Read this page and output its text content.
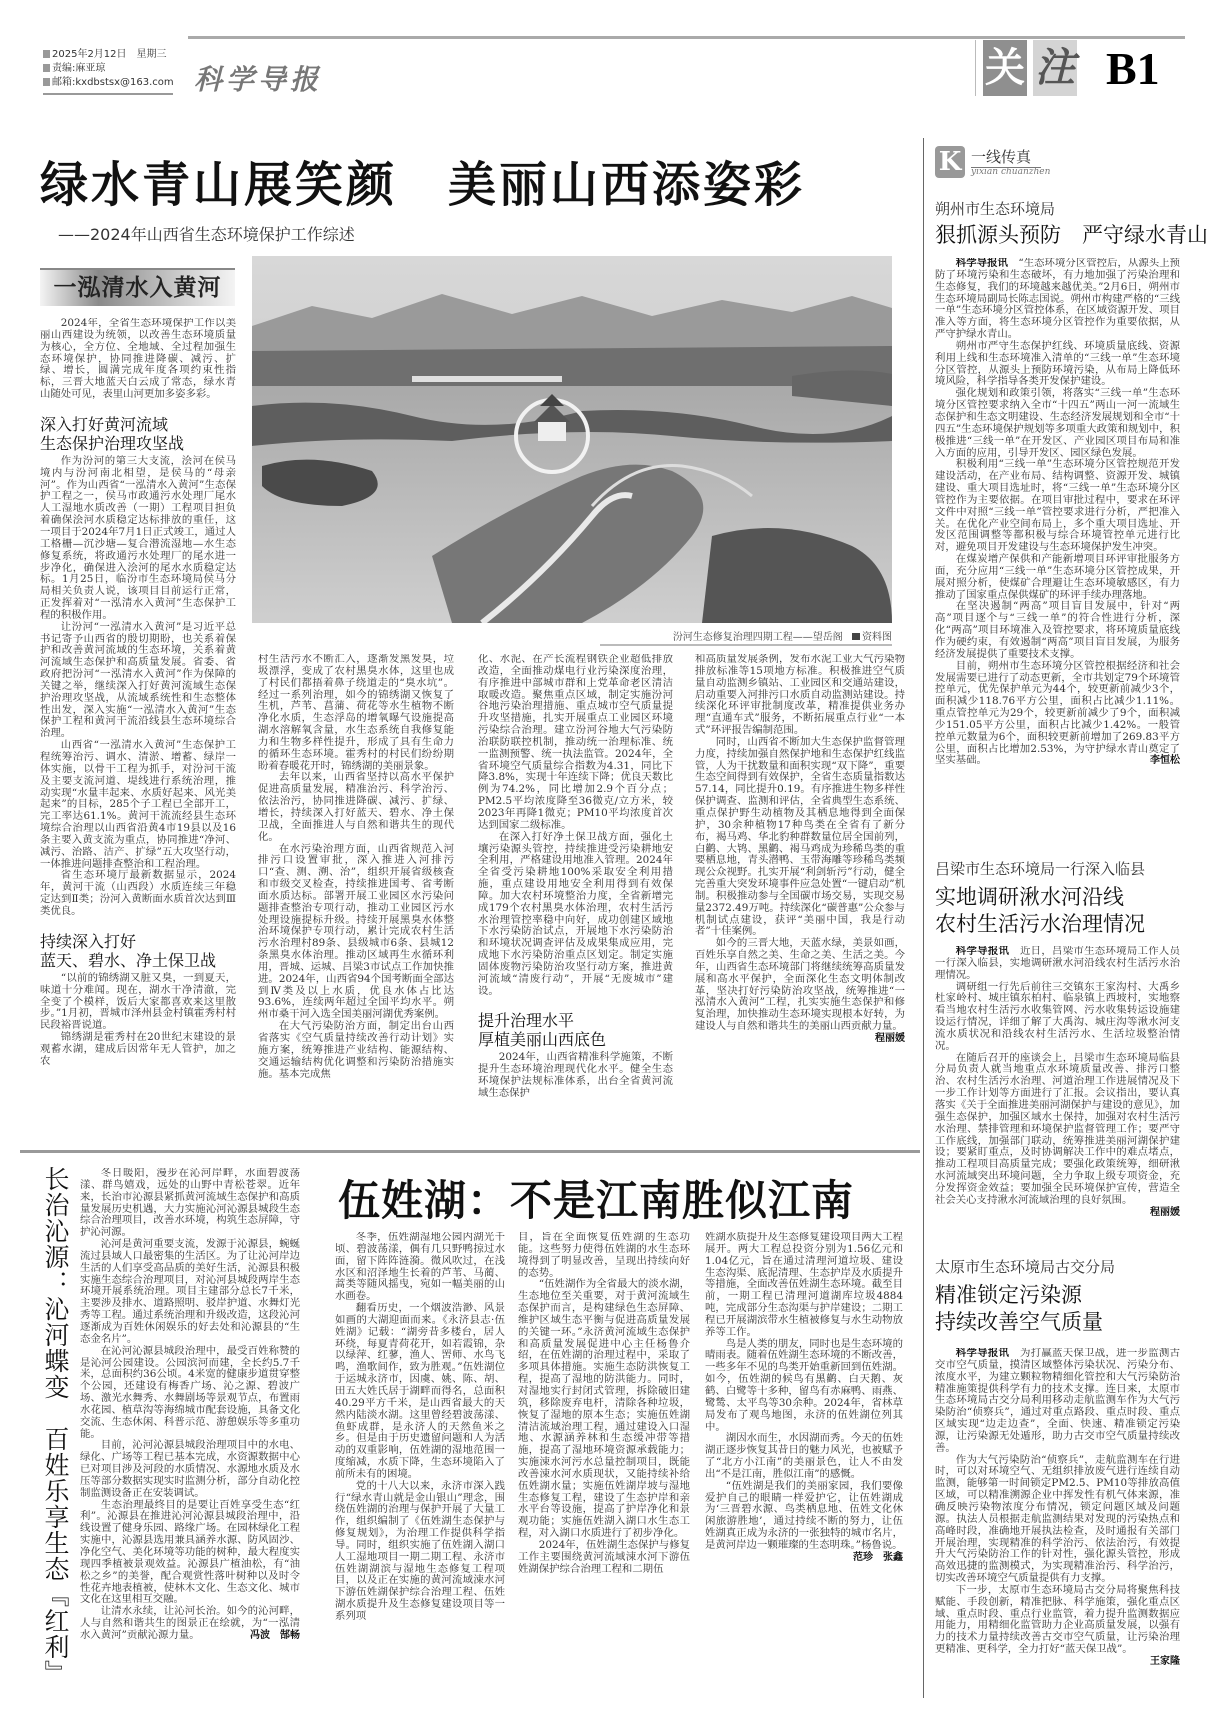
2025年2月12日　星期三
责编:麻亚琼
邮箱:kxdbstsx@163.com 科学导报	关 注 B1
绿水青山展笑颜　美丽山西添姿彩
——2024年山西省生态环境保护工作综述
一泓清水入黄河

2024年，全省生态环境保护工作以美丽山西建设为统领，以改善生态环境质量为核心，全方位、全地域、全过程加强生态环境保护，协同推进降碳、减污、扩绿、增长，圆满完成年度各项约束性指标，三晋大地蓝天白云成了常态，绿水青山随处可见，表里山河更加多姿多彩。

深入打好黄河流域
生态保护治理攻坚战

作为汾河的第三大支流，浍河在侯马境内与汾河南北相望，是侯马的“母亲河”。作为山西省“一泓清水入黄河”生态保护工程之一，侯马市政通污水处理厂尾水人工湿地水质改善（一期）工程项目担负着确保浍河水质稳定达标排放的重任，这一项目于2024年7月1日正式竣工，通过人工格栅—沉沙塘—复合潜流湿地—水生态修复系统，将政通污水处理厂的尾水进一步净化，确保进入浍河的尾水水质稳定达标。1月25日，临汾市生态环境局侯马分局相关负责人说，该项目目前运行正常，正发挥着对“一泓清水入黄河”生态保护工程的积极作用。

让汾河“一泓清水入黄河”是习近平总书记寄予山西省的殷切期盼，也关系着保护和改善黄河流域的生态环境，关系着黄河流域生态保护和高质量发展。省委、省政府把汾河“一泓清水入黄河”作为保障的关键之举，继续深入打好黄河流域生态保护治理攻坚战，从流域系统性和生态整体性出发，深入实施“一泓清水入黄河”生态保护工程和黄河干流沿线县生态环境综合治理。

山西省“一泓清水入黄河”生态保护工程统筹治污、调水、清淤、增蓄、绿岸一体实施，以骨干工程为抓手，对汾河干流及主要支流河道、堤线进行系统治理，推动实现“水量丰起来、水质好起来、风光美起来”的目标，285个子工程已全部开工，完工率达61.1%。黄河干流流经县生态环境综合治理以山西省沿黄4市19县以及16条主要入黄支流为重点，协同推进“净河、减污、治路、洁产、扩绿”五大攻坚行动，一体推进问题排查整治和工程治理。

省生态环境厅最新数据显示，2024年，黄河干流（山西段）水质连续三年稳定达到Ⅱ类；汾河入黄断面水质首次达到Ⅲ类优良。

持续深入打好
蓝天、碧水、净土保卫战

“以前的锦绣湖又脏又臭，一到夏天，味道十分难闻。现在，湖水干净清澈，完全变了个模样，饭后大家都喜欢来这里散步。”1月初，晋城市泽州县金村镇霍秀村村民段裕晋说道。

锦绣湖是霍秀村在20世纪末建设的景观蓄水湖，建成后因常年无人管护，加之农

汾河生态修复治理四期工程——望岳阁 资料图

村生活污水不断汇入，逐渐发黑发臭，垃圾漂浮，变成了农村黑臭水体，这里也成了村民们都捂着鼻子绕道走的“臭水坑”。经过一系列治理，如今的锦绣湖又恢复了生机，芦苇、菖蒲、荷花等水生植物不断净化水质，生态浮岛的增氧曝气设施提高湖水溶解氧含量，水生态系统自我修复能力和生物多样性提升，形成了具有生命力的循环生态环境。霍秀村的村民们纷纷期盼着春暖花开时，锦绣湖的美丽景象。

去年以来，山西省坚持以高水平保护促进高质量发展，精准治污、科学治污、依法治污，协同推进降碳、减污、扩绿、增长，持续深入打好蓝天、碧水、净土保卫战，全面推进人与自然和谐共生的现代化。

在水污染治理方面，山西省规范入河排污口设置审批，深入推进入河排污口“查、测、溯、治”，组织开展省级核查和市级交叉检查，持续推进国考、省考断面水质达标。部署开展工业园区水污染问题排查整治专项行动，推动工业园区污水处理设施提标升级。持续开展黑臭水体整治环境保护专项行动，累计完成农村生活污水治理村89条、县级城市6条、县城12条黑臭水体治理。推动区域再生水循环利用，晋城、运城、吕梁3市试点工作加快推进。2024年，山西省94个国考断面全部达到Ⅳ类及以上水质，优良水体占比达93.6%，连续两年超过全国平均水平。朔州市桑干河入选全国美丽河湖优秀案例。

在大气污染防治方面，制定出台山西省落实《空气质量持续改善行动计划》实施方案，统筹推进产业结构、能源结构、交通运输结构优化调整和污染防治措施实施。基本完成焦

化、水泥、在产长流程钢铁企业超低排放改造，全面推动煤电行业污染深度治理，有序推进中部城市群和上党革命老区清洁取暖改造。聚焦重点区域，制定实施汾河谷地污染治理措施、重点城市空气质量提升攻坚措施，扎实开展重点工业园区环境污染综合治理。建立汾河谷地大气污染防治联防联控机制，推动统一治理标准、统一监测预警、统一执法监管。2024年，全省环境空气质量综合指数为4.31，同比下降3.8%，实现十年连续下降；优良天数比例为74.2%，同比增加2.9个百分点；PM2.5平均浓度降至36微克/立方米，较2023年再降1微克；PM10平均浓度首次达到国家二级标准。

在深入打好净土保卫战方面，强化土壤污染源头管控，持续推进受污染耕地安全利用，严格建设用地准入管理。2024年全省受污染耕地100%采取安全利用措施，重点建设用地安全利用得到有效保障。加大农村环境整治力度，全省新增完成179个农村黑臭水体治理，农村生活污水治理管控率稳中向好，成功创建区域地下水污染防治试点，开展地下水污染防治和环境状况调查评估及成果集成应用，完成地下水污染防治重点区划定。制定实施固体废物污染防治攻坚行动方案，推进黄河流域“清废行动”，开展“无废城市”建设。

提升治理水平
厚植美丽山西底色

2024年，山西省精准科学施策，不断提升生态环境治理现代化水平。健全生态环境保护法规标准体系，出台全省黄河流域生态保护

和高质量发展条例，发布水泥工业大气污染物排放标准等15项地方标准。积极推进空气质量自动监测乡镇站、工业园区和交通站建设，启动重要入河排污口水质自动监测站建设。持续深化环评审批制度改革，精准提供业务办理“直通车式”服务，不断拓展重点行业“一本式”环评报告编制范围。

同时，山西省不断加大生态保护监督管理力度，持续加强自然保护地和生态保护红线监管，人为干扰数量和面积实现“双下降”，重要生态空间得到有效保护，全省生态质量指数达57.14，同比提升0.19。有序推进生物多样性保护调查、监测和评估，全省典型生态系统、重点保护野生动植物及其栖息地得到全面保护，30余种植物17种鸟类在全省有了新分布，褐马鸡、华北豹种群数量位居全国前列，白鹳、大鸨、黑鹳、褐马鸡成为珍稀鸟类的重要栖息地，青头潜鸭、玉带海雕等珍稀鸟类频现公众视野。扎实开展“利剑斩污”行动，健全完善重大突发环境事件应急处置“一键启动”机制。积极推动参与全国碳市场交易，实现交易量2372.49万吨。持续深化“碳普惠”公众参与机制试点建设，获评“美丽中国，我是行动者”十佳案例。

如今的三晋大地，天蓝水绿，美景如画，百姓乐享自然之美、生命之美、生活之美。今年，山西省生态环境部门将继续统筹高质量发展和高水平保护，全面深化生态文明体制改革，坚决打好污染防治攻坚战，统筹推进“一泓清水入黄河”工程，扎实实施生态保护和修复治理，加快推动生态环境实现根本好转，为建设人与自然和谐共生的美丽山西贡献力量。
程丽媛

K 一线传真
yixian chuanzhen
朔州市生态环境局
狠抓源头预防　严守绿水青山

科学导报讯　 “生态环境分区管控后，从源头上预防了环境污染和生态破坏，有力地加强了污染治理和生态修复，我们的环境越来越优美。”2月6日，朔州市生态环境局副局长陈志国说。朔州市构建严格的“三线一单”生态环境分区管控体系，在区域资源开发、项目准入等方面，将生态环境分区管控作为重要依据，从严守护绿水青山。

朔州市严守生态保护红线、环境质量底线、资源利用上线和生态环境准入清单的“三线一单”生态环境分区管控，从源头上预防环境污染，从布局上降低环境风险，科学指导各类开发保护建设。

强化规划和政策引领，将落实“三线一单”生态环境分区管控要求纳入全市“十四五”两山一河一流域生态保护和生态文明建设、生态经济发展规划和全市“十四五”生态环境保护规划等多项重大政策和规划中，积极推进“三线一单”在开发区、产业园区项目布局和准入方面的应用，引导开发区、园区绿色发展。

积极利用“三线一单”生态环境分区管控规范开发建设活动，在产业布局、结构调整、资源开发、城镇建设、重大项目选址时，将“三线一单”生态环境分区管控作为主要依据。在项目审批过程中，要求在环评文件中对照“三线一单”管控要求进行分析，严把准入关。在优化产业空间布局上，多个重大项目选址、开发区范围调整等都积极与综合环境管控单元进行比对，避免项目开发建设与生态环境保护发生冲突。

在煤炭增产保供和产能新增项目环评审批服务方面，充分应用“三线一单”生态环境分区管控成果，开展对照分析，使煤矿合理避让生态环境敏感区，有力推动了国家重点保供煤矿的环评手续办理落地。

在坚决遏制“两高”项目盲目发展中，针对“两高”项目逐个与“三线一单”的符合性进行分析，深化“两高”项目环境准入及管控要求，将环境质量底线作为硬约束，有效遏制“两高”项目盲目发展，为服务经济发展提供了重要技术支撑。

目前，朔州市生态环境分区管控根据经济和社会发展需要已进行了动态更新，全市共划定79个环境管控单元，优先保护单元为44个，较更新前减少3个，面积减少118.76平方公里，面积占比减少1.11%。重点管控单元为29个，较更新前减少了9个，面积减少151.05平方公里，面积占比减少1.42%。一般管控单元数量为6个，面积较更新前增加了269.83平方公里，面积占比增加2.53%，为守护绿水青山奠定了坚实基础。	李恒松

吕梁市生态环境局一行深入临县
实地调研湫水河沿线
农村生活污水治理情况

科学导报讯　 近日，吕梁市生态环境局工作人员一行深入临县，实地调研湫水河沿线农村生活污水治理情况。

调研组一行先后前往三交镇东王家沟村、大禹乡杜家岭村、城庄镇东柏村、临泉镇上西坡村，实地察看当地农村生活污水收集管网、污水收集转运设施建设运行情况，详细了解了大禹沟、城庄沟等湫水河支流水质状况和沿线农村生活污水、生活垃圾整治情况。

在随后召开的座谈会上，吕梁市生态环境局临县分局负责人就当地重点水环境质量改善、排污口整治、农村生活污水治理、河道治理工作进展情况及下一步工作计划等方面进行了汇报。会议指出，要认真落实《关于全面推进美丽河湖保护与建设的意见》，加强生态保护，加强区域水土保持，加强对农村生活污水治理、禁排管理和环境保护监督管理工作；要严守工作底线，加强部门联动，统筹推进美丽河湖保护建设；要紧盯重点，及时协调解决工作中的难点堵点，推动工程项目高质量完成；要强化政策统筹，细研湫水河流域突出环境问题，全力争取上级专项资金，充分发挥资金效益；要加强全民环境保护宣传，营造全社会关心支持湫水河流域治理的良好氛围。
程丽媛

太原市生态环境局古交分局
精准锁定污染源
持续改善空气质量

科学导报讯　 为打赢蓝天保卫战，进一步监测古交市空气质量，摸清区域整体污染状况、污染分布、浓度水平，为建立颗粒物精细化管控和大气污染防治精准施策提供科学有力的技术支撑。连日来，太原市生态环境局古交分局利用移动走航监测车作为大气污染防治“侦察兵”，通过对重点路段、重点时段、重点区域实现“边走边查”，全面、快速、精准锁定污染源，让污染源无处遁形，助力古交市空气质量持续改善。

作为大气污染防治“侦察兵”，走航监测车在行进时，可以对环境空气、无组织排放废气进行连续自动监测，能够第一时间锁定PM2.5、PM10等排放高值区域，可以精准溯源企业中挥发性有机气体来源，准确反映污染物浓度分布情况，锁定问题区域及问题源。执法人员根据走航监测结果对发现的污染热点和高峰时段，准确地开展执法检查，及时通报有关部门开展治理，实现精准的科学治污、依法治污，有效提升大气污染防治工作的针对性，强化源头管控，形成高效迅捷的监测模式，为实现精准治污、科学治污，切实改善环境空气质量提供有力支撑。

下一步，太原市生态环境局古交分局将聚焦科技赋能、手段创新，精准把脉、科学施策，强化重点区域、重点时段、重点行业监管，着力提升监测数据应用能力，用精细化监管助力企业高质量发展，以强有力的技术力量持续改善古交市空气质量，让污染治理更精准、更科学，全力打好“蓝天保卫战”。
王家隆

长治沁源：沁河蝶变　百姓乐享生态『红利』	冬日暖阳，漫步在沁河岸畔，水面碧波荡漾、群鸟嬉戏，远处的山野中青松苍翠。近年来，长治市沁源县紧抓黄河流域生态保护和高质量发展历史机遇，大力实施沁河沁源县城段生态综合治理项目，改善水环境，构筑生态屏障，守护沁河源。

沁河是黄河重要支流，发源于沁源县，蜿蜒流过县域人口最密集的生活区。为了让沁河岸边生活的人们享受高品质的美好生活，沁源县积极实施生态综合治理项目，对沁河县城段两岸生态环境开展系统治理。项目主建部分总长7千米，主要涉及排水、道路照明、驳岸护道、水舞灯光秀等工程。通过系统治理和升级改造，这段沁河逐渐成为百姓休闲娱乐的好去处和沁源县的“生态金名片”。

在沁河沁源县城段治理中，最受百姓称赞的是沁河公园建设。公园滨河而建，全长约5.7千米，总面积约36公顷。4米宽的健康步道贯穿整个公园，还建设有梅香广场、沁之源、碧波广场、激光水舞秀、水舞剧场等景观节点，布置雨水花园、植草沟等海绵城市配套设施，具备文化交流、生态休闲、科普示范、游憩娱乐等多重功能。

目前，沁河沁源县城段治理项目中的水电、绿化、广场等工程已基本完成，水资源数据中心已对项目涉及河段的水质情况、水源地水质及水压等部分数据实现实时监测分析，部分自动化控制监测设备正在安装调试。

生态治理最终目的是要让百姓享受生态“红利”。沁源县在推进沁河沁源县城段治理中，沿线设置了健身乐园、路缘广场。在园林绿化工程实施中，沁源县选用兼具涵养水源、防风固沙、净化空气、美化环境等功能的树种，最大程度实现四季植被景观效益。沁源县广植油松，有“油松之乡”的美誉，配合观赏性落叶树种以及时令性花卉地表植被，使林木文化、生态文化、城市文化在这里相互交融。

让清水永续，让沁河长治。如今的沁河畔，人与自然和谐共生的图景正在绘就，为“一泓清水入黄河”贡献沁源力量。	冯波　郜畅

伍姓湖：不是江南胜似江南

冬季，伍姓湖湿地公园内湖光千顷、碧波荡漾，偶有几只野鸭掠过水面，留下阵阵涟漪。微风吹过，在浅水区和沼泽地生长着的芦苇、马蔺、蒿类等随风摇曳，宛如一幅美丽的山水画卷。

翻看历史，一个烟波浩渺、风景如画的大湖迎面而来。《永济县志·伍姓湖》记载：“湖旁昔多楼台，居人环绕，每夏青荷花开，如若霞锦，杂以绿萍、红蓼，渔人、罟师、水鸟飞鸣，渔歌间作，致为胜观。”伍姓湖位于运城永济市，因虞、姚、陈、胡、田五大姓氏居于湖畔而得名，总面积40.29平方千米，是山西省最大的天然内陆淡水湖。这里曾经碧波荡漾、鱼虾成群，是永济人的天然鱼米之乡。但是由于历史遗留问题和人为活动的双重影响，伍姓湖的湿地范围一度缩减，水质下降，生态环境陷入了前所未有的困境。

党的十八大以来，永济市深入践行“绿水青山就是金山银山”理念，围绕伍姓湖的治理与保护开展了大量工作，组织编制了《伍姓湖生态保护与修复规划》，为治理工作提供科学指导。同时，组织实施了伍姓湖入湖口人工湿地项目一期二期工程、永济市伍姓湖湖滨与湿地生态修复工程项目，以及正在实施的黄河流域涑水河下游伍姓湖保护综合治理工程、伍姓湖水质提升及生态修复建设项目等一系列项

目，旨在全面恢复伍姓湖的生态功能。这些努力使得伍姓湖的水生态环境得到了明显改善，呈现出持续向好的态势。

“伍姓湖作为全省最大的淡水湖，生态地位至关重要，对于黄河流域生态保护而言，是构建绿色生态屏障、维护区域生态平衡与促进高质量发展的关键一环。”永济黄河流域生态保护和高质量发展促进中心主任杨鲁介绍，在伍姓湖的治理过程中，采取了多项具体措施。实施生态防洪恢复工程，提高了湿地的防洪能力。同时，对湿地实行封闭式管理，拆除破旧建筑，移除废弃电杆，清除各种垃圾，恢复了湿地的原本生态；实施伍姓湖清洁流域治理工程，通过建设入口湿地、水源涵养林和生态缓冲带等措施，提高了湿地环境资源承载能力；实施涑水河污水总量控制项目，既能改善涑水河水质现状，又能持续补给伍姓湖水量；实施伍姓湖岸坡与湿地生态修复工程，建设了生态护岸和亲水平台等设施，提高了护岸净化和景观功能；实施伍姓湖入湖口水生态工程，对入湖口水质进行了初步净化。

2024年，伍姓湖生态保护与修复工作主要围绕黄河流域涑水河下游伍姓湖保护综合治理工程和二期伍

姓湖水质提升及生态修复建设项目两大工程展开。两大工程总投资分别为1.56亿元和1.04亿元，旨在通过清理河道垃圾、建设生态沟渠、底泥清理、生态护岸及水质提升等措施，全面改善伍姓湖生态环境。截至目前，一期工程已清理河道湖库垃圾4884吨，完成部分生态沟渠与护岸建设；二期工程已开展湖滨带水生植被修复与水生动物放养等工作。

鸟是人类的朋友，同时也是生态环境的晴雨表。随着伍姓湖生态环境的不断改善，一些多年不见的鸟类开始重新回到伍姓湖。如今，伍姓湖的候鸟有黑鹳、白天鹅、灰鹤、白鹭等十多种，留鸟有赤麻鸭、雨燕、鹭鸶、太平鸟等30余种。2024年，省林草局发布了观鸟地图，永济的伍姓湖位列其中。

湖因水而生，水因湖而秀。今天的伍姓湖正逐步恢复其昔日的魅力风光，也被赋予了“北方小江南”的美丽景色，让人不由发出“不是江南，胜似江南”的感慨。

“伍姓湖是我们的美丽家园，我们要像爱护自己的眼睛一样爱护它，让伍姓湖成为‘三晋碧水源、鸟类栖息地、伍姓文化休闲旅游胜地’，通过持续不断的努力，让伍姓湖真正成为永济的一张独特的城市名片，是黄河岸边一颗璀璨的生态明珠。”杨鲁说。
范珍　张鑫
